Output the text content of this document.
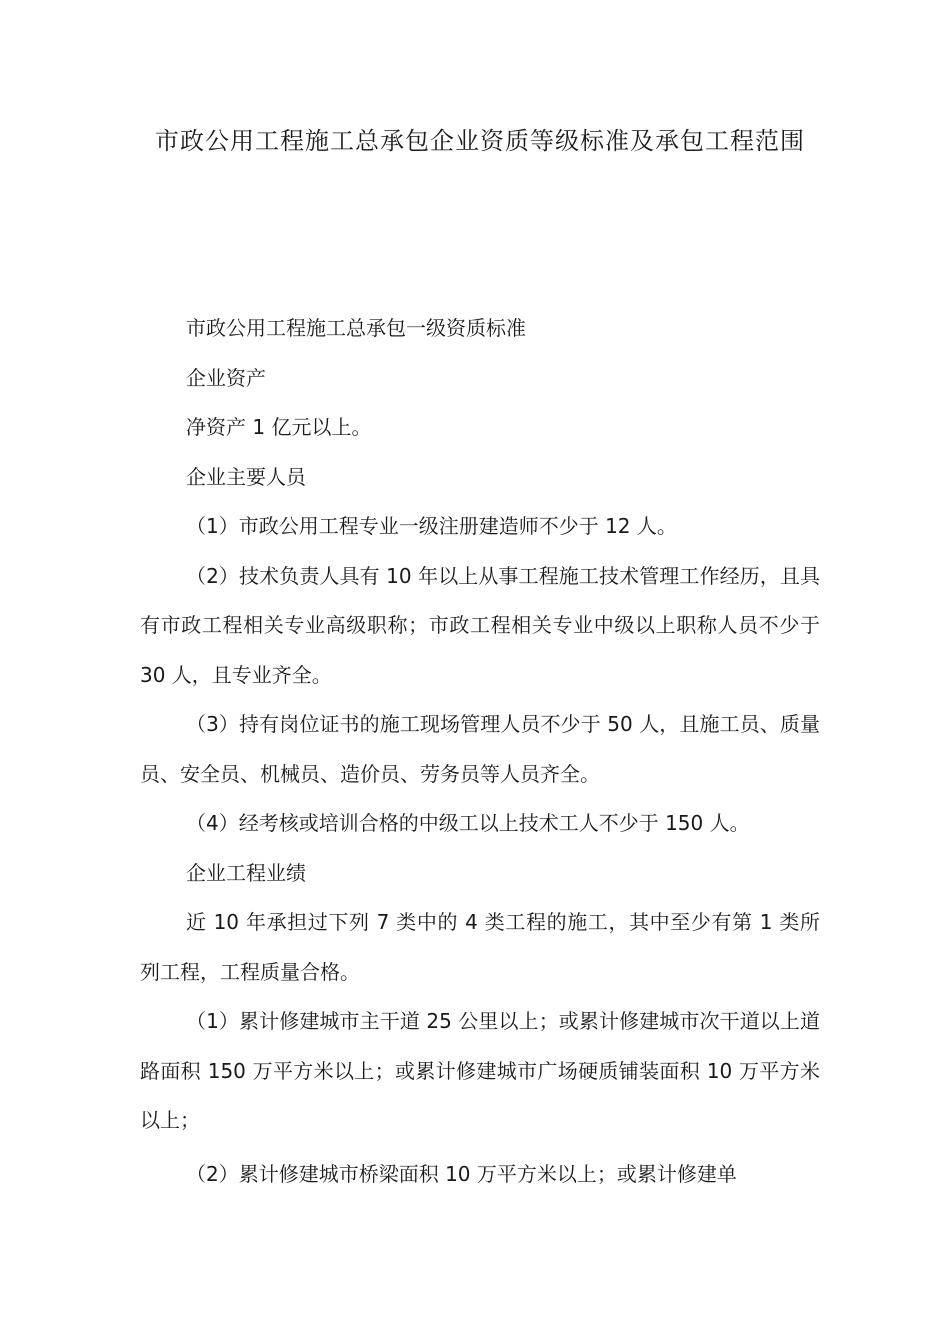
市政公用工程施工总承包企业资质等级标准及承包工程范围

市政公用工程施工总承包一级资质标准

企业资产

净资产 1 亿元以上。

企业主要人员

（1）市政公用工程专业一级注册建造师不少于 12 人。

（2）技术负责人具有 10 年以上从事工程施工技术管理工作经历，且具有市政工程相关专业高级职称；市政工程相关专业中级以上职称人员不少于 30 人，且专业齐全。

（3）持有岗位证书的施工现场管理人员不少于 50 人，且施工员、质量员、安全员、机械员、造价员、劳务员等人员齐全。

（4）经考核或培训合格的中级工以上技术工人不少于 150 人。

企业工程业绩

近 10 年承担过下列 7 类中的 4 类工程的施工，其中至少有第 1 类所列工程，工程质量合格。

（1）累计修建城市主干道 25 公里以上；或累计修建城市次干道以上道路面积 150 万平方米以上；或累计修建城市广场硬质铺装面积 10 万平方米以上；

（2）累计修建城市桥梁面积 10 万平方米以上；或累计修建单
